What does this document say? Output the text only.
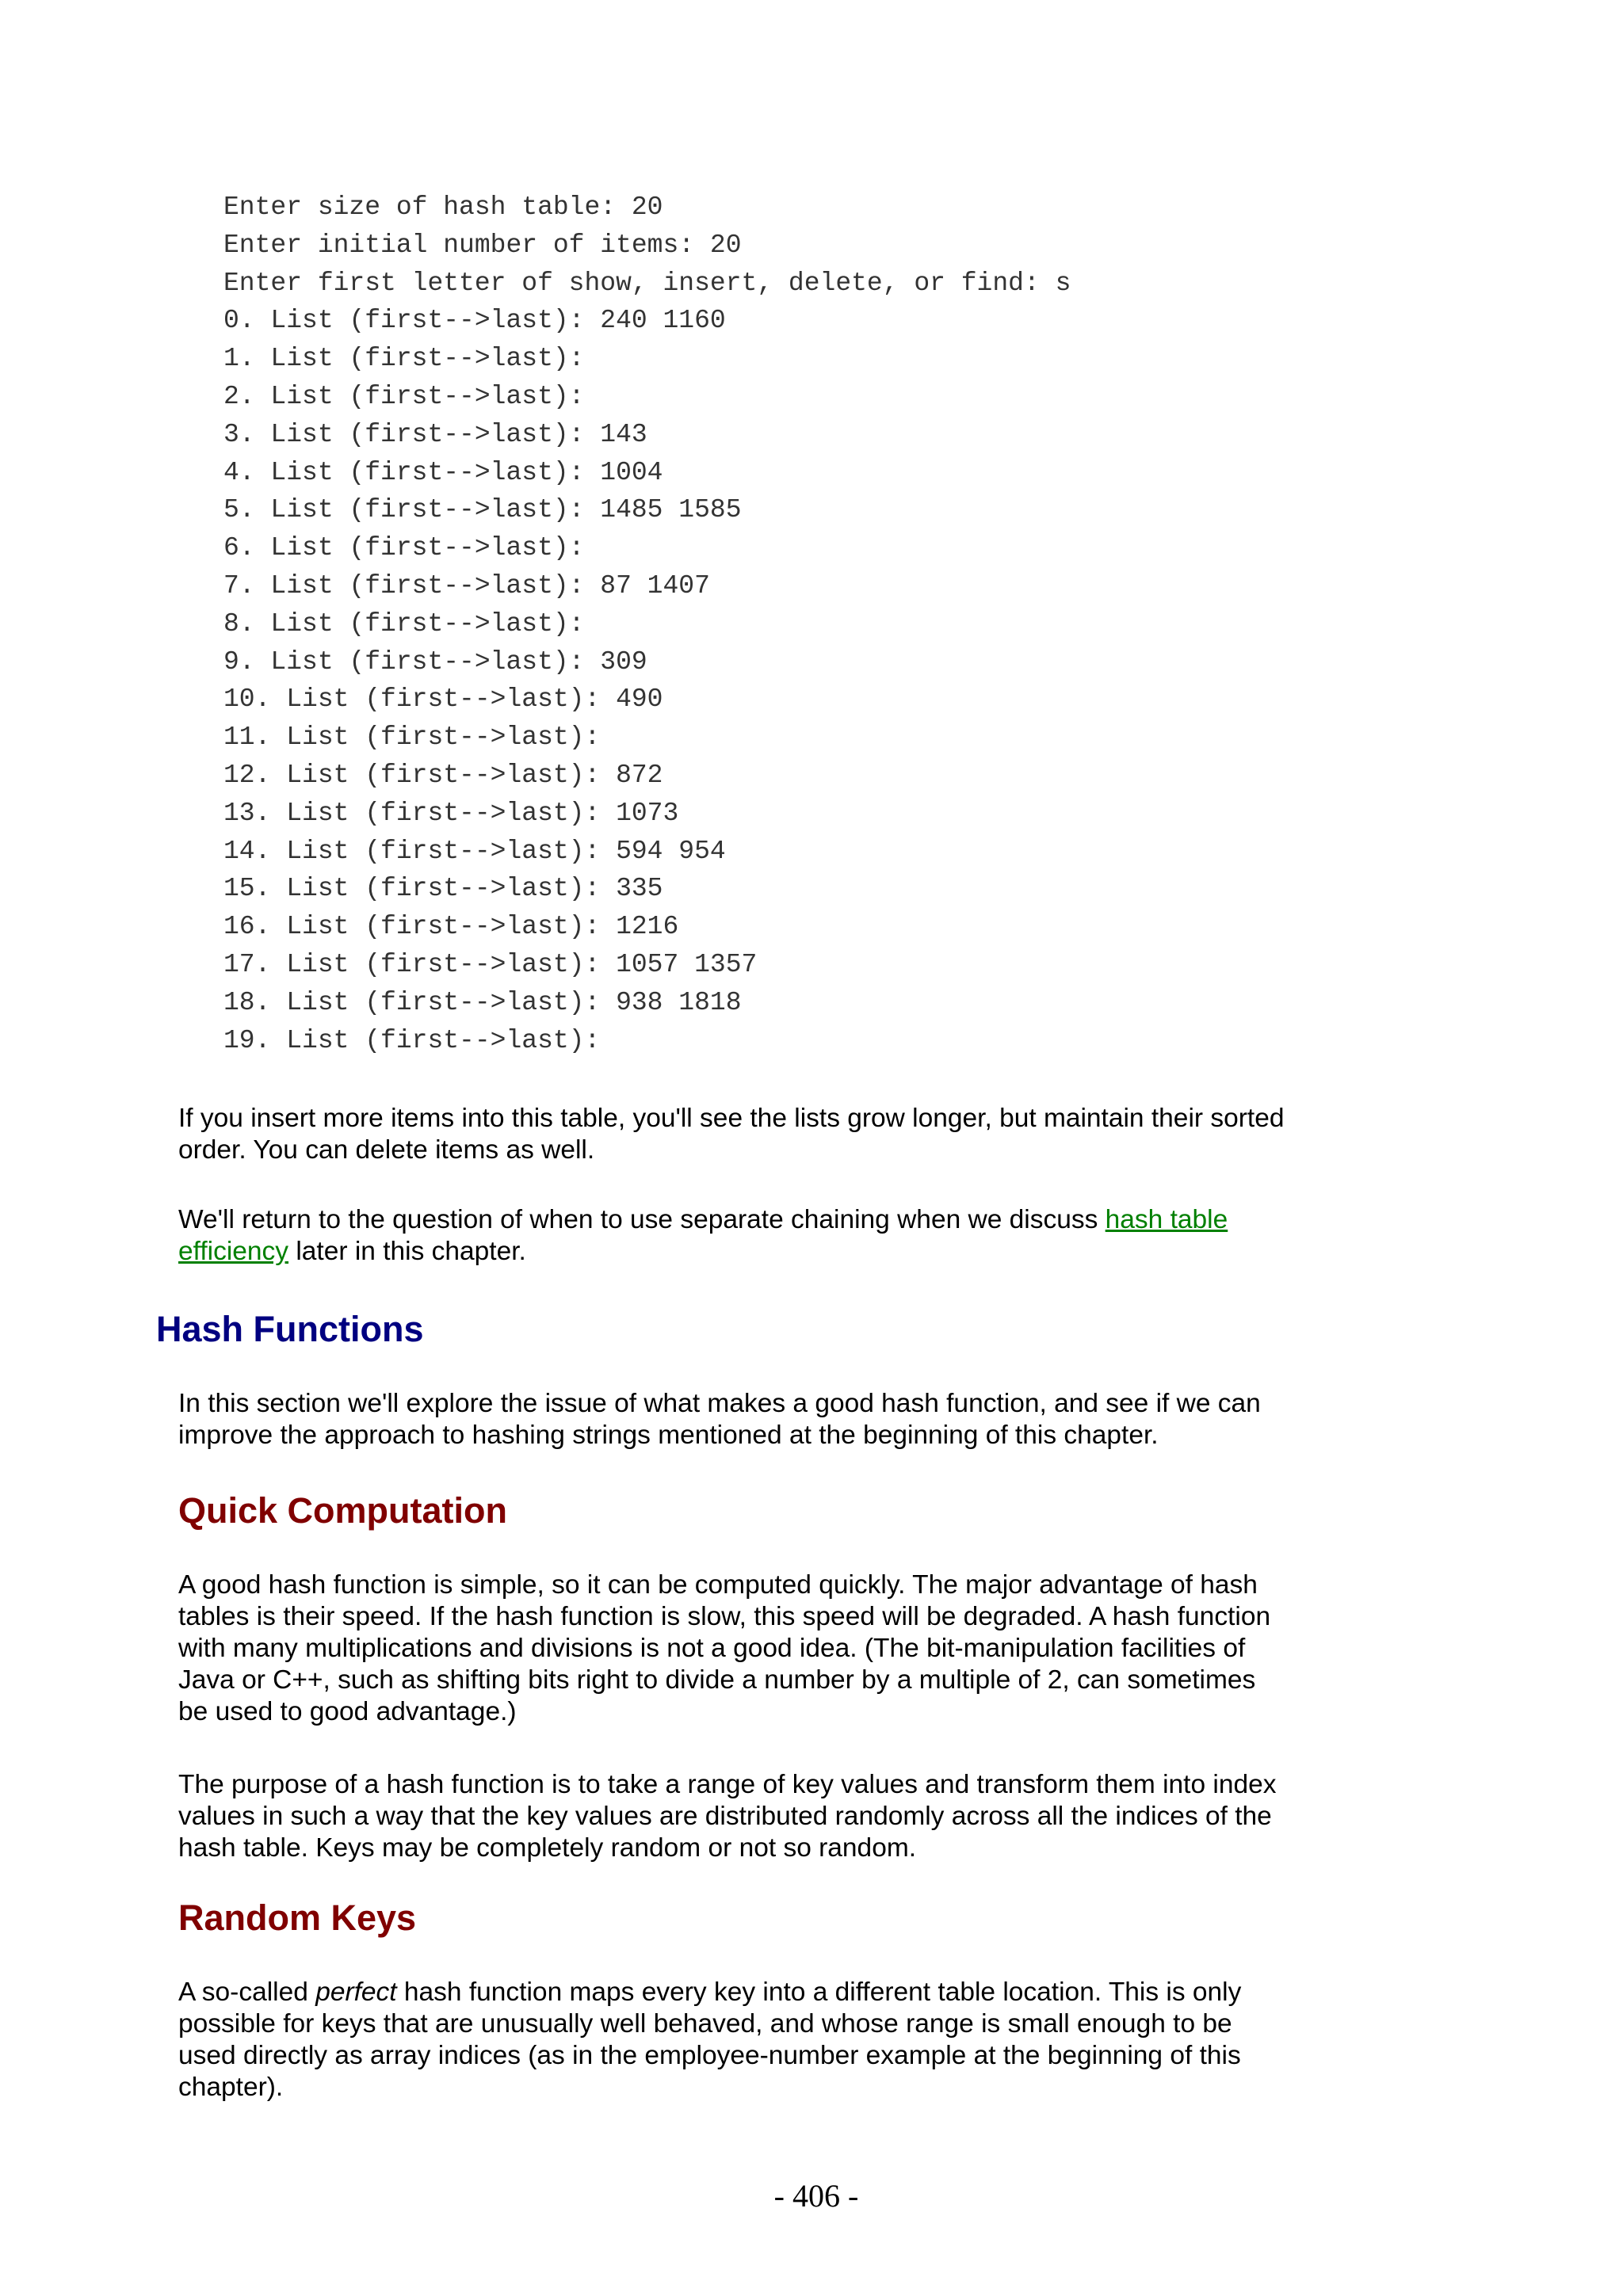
Enter size of hash table: 20
Enter initial number of items: 20
Enter first letter of show, insert, delete, or find: s
0. List (first-->last): 240 1160
1. List (first-->last):
2. List (first-->last):
3. List (first-->last): 143
4. List (first-->last): 1004
5. List (first-->last): 1485 1585
6. List (first-->last):
7. List (first-->last): 87 1407
8. List (first-->last):
9. List (first-->last): 309
10. List (first-->last): 490
11. List (first-->last):
12. List (first-->last): 872
13. List (first-->last): 1073
14. List (first-->last): 594 954
15. List (first-->last): 335
16. List (first-->last): 1216
17. List (first-->last): 1057 1357
18. List (first-->last): 938 1818
19. List (first-->last):

If you insert more items into this table, you'll see the lists grow longer, but maintain their sorted order. You can delete items as well.

We'll return to the question of when to use separate chaining when we discuss hash table efficiency later in this chapter.

Hash Functions

In this section we'll explore the issue of what makes a good hash function, and see if we can improve the approach to hashing strings mentioned at the beginning of this chapter.

Quick Computation

A good hash function is simple, so it can be computed quickly. The major advantage of hash tables is their speed. If the hash function is slow, this speed will be degraded. A hash function with many multiplications and divisions is not a good idea. (The bit-manipulation facilities of Java or C++, such as shifting bits right to divide a number by a multiple of 2, can sometimes be used to good advantage.)

The purpose of a hash function is to take a range of key values and transform them into index values in such a way that the key values are distributed randomly across all the indices of the hash table. Keys may be completely random or not so random.

Random Keys

A so-called perfect hash function maps every key into a different table location. This is only possible for keys that are unusually well behaved, and whose range is small enough to be used directly as array indices (as in the employee-number example at the beginning of this chapter).

- 406 -
